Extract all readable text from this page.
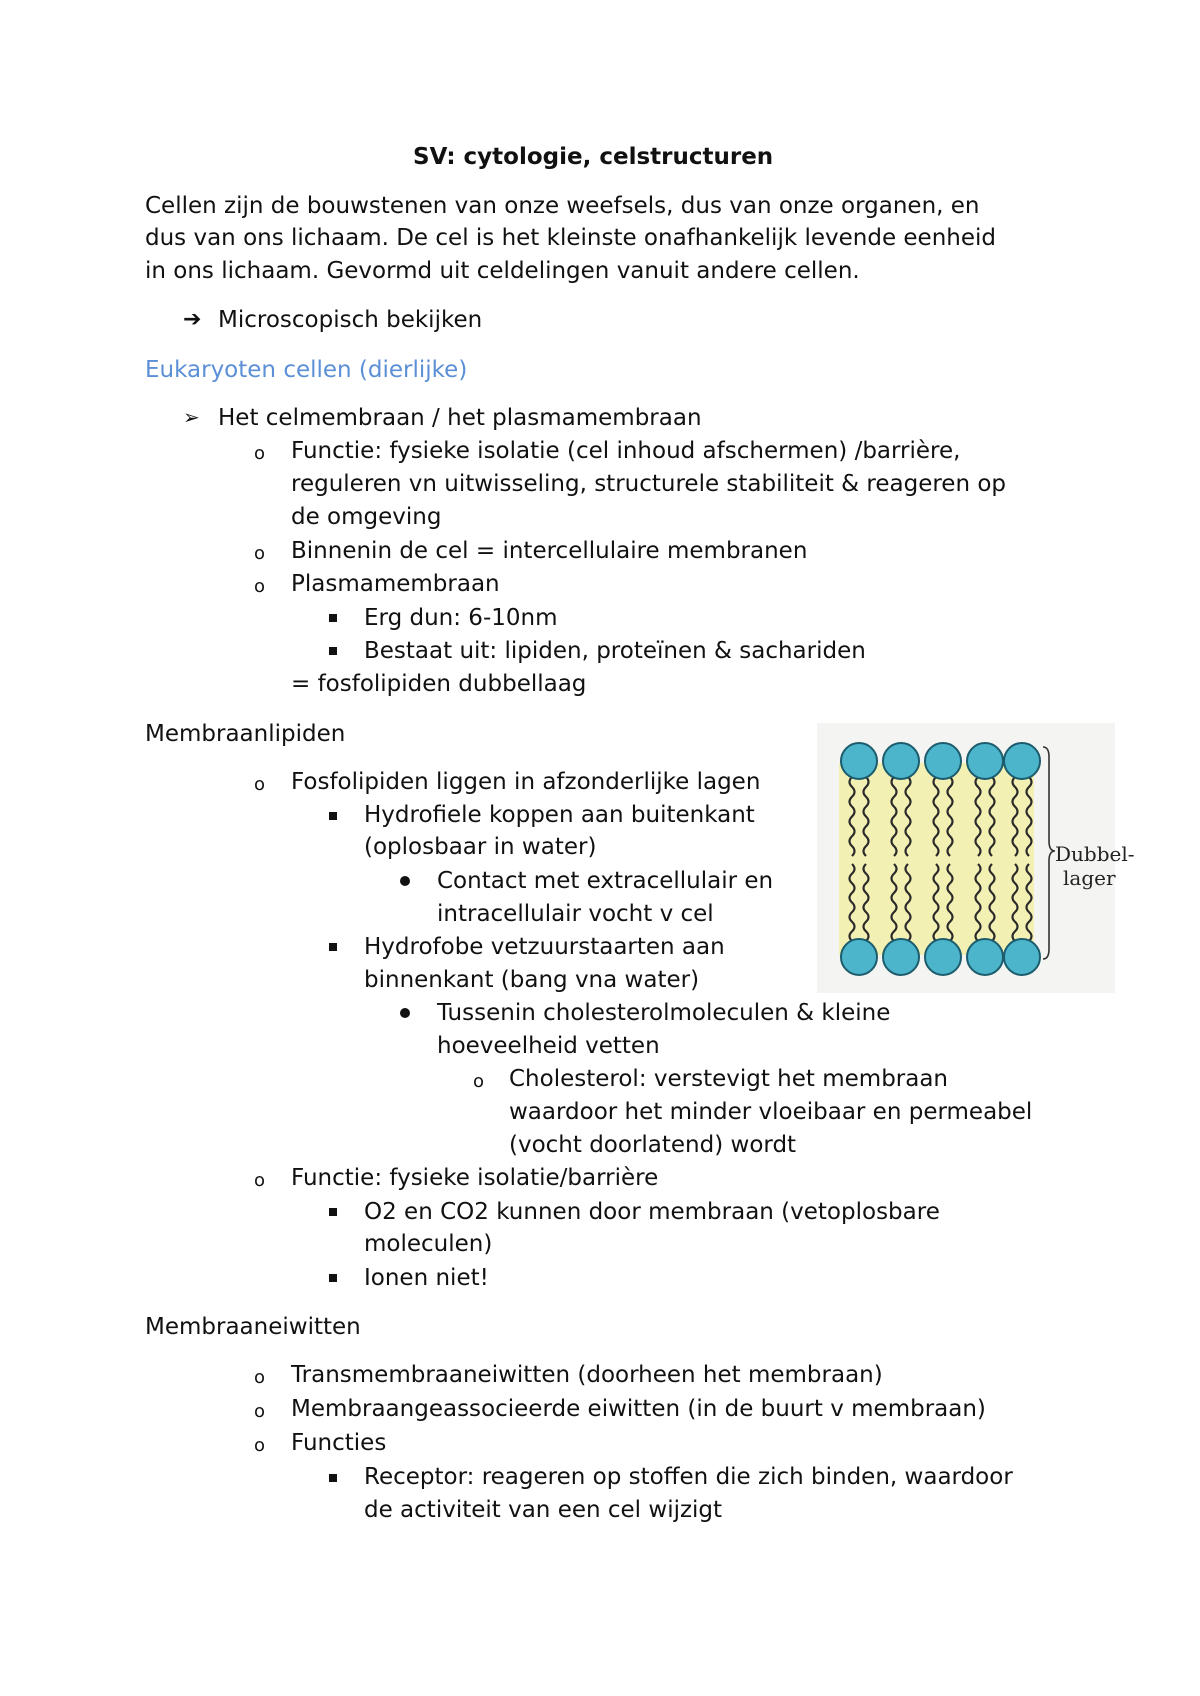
SV: cytologie, celstructuren
Cellen zijn de bouwstenen van onze weefsels, dus van onze organen, en
dus van ons lichaam. De cel is het kleinste onafhankelijk levende eenheid
in ons lichaam. Gevormd uit celdelingen vanuit andere cellen.
➔ Microscopisch bekijken
Eukaryoten cellen (dierlijke)
➢ Het celmembraan / het plasmamembraan
o Functie: fysieke isolatie (cel inhoud afschermen) /barrière,
reguleren vn uitwisseling, structurele stabiliteit & reageren op
de omgeving
o Binnenin de cel = intercellulaire membranen
o Plasmamembraan
Erg dun: 6-10nm
Bestaat uit: lipiden, proteïnen & sachariden
= fosfolipiden dubbellaag
Membraanlipiden
o Fosfolipiden liggen in afzonderlijke lagen
Hydrofiele koppen aan buitenkant
(oplosbaar in water)
Contact met extracellulair en
intracellulair vocht v cel
Hydrofobe vetzuurstaarten aan
binnenkant (bang vna water)
Tussenin cholesterolmoleculen & kleine
hoeveelheid vetten
o Cholesterol: verstevigt het membraan
waardoor het minder vloeibaar en permeabel
(vocht doorlatend) wordt
o Functie: fysieke isolatie/barrière
O2 en CO2 kunnen door membraan (vetoplosbare
moleculen)
Ionen niet!
Membraaneiwitten
o Transmembraaneiwitten (doorheen het membraan)
o Membraangeassocieerde eiwitten (in de buurt v membraan)
o Functies
Receptor: reageren op stoffen die zich binden, waardoor
de activiteit van een cel wijzigt
Dubbel-
lager
